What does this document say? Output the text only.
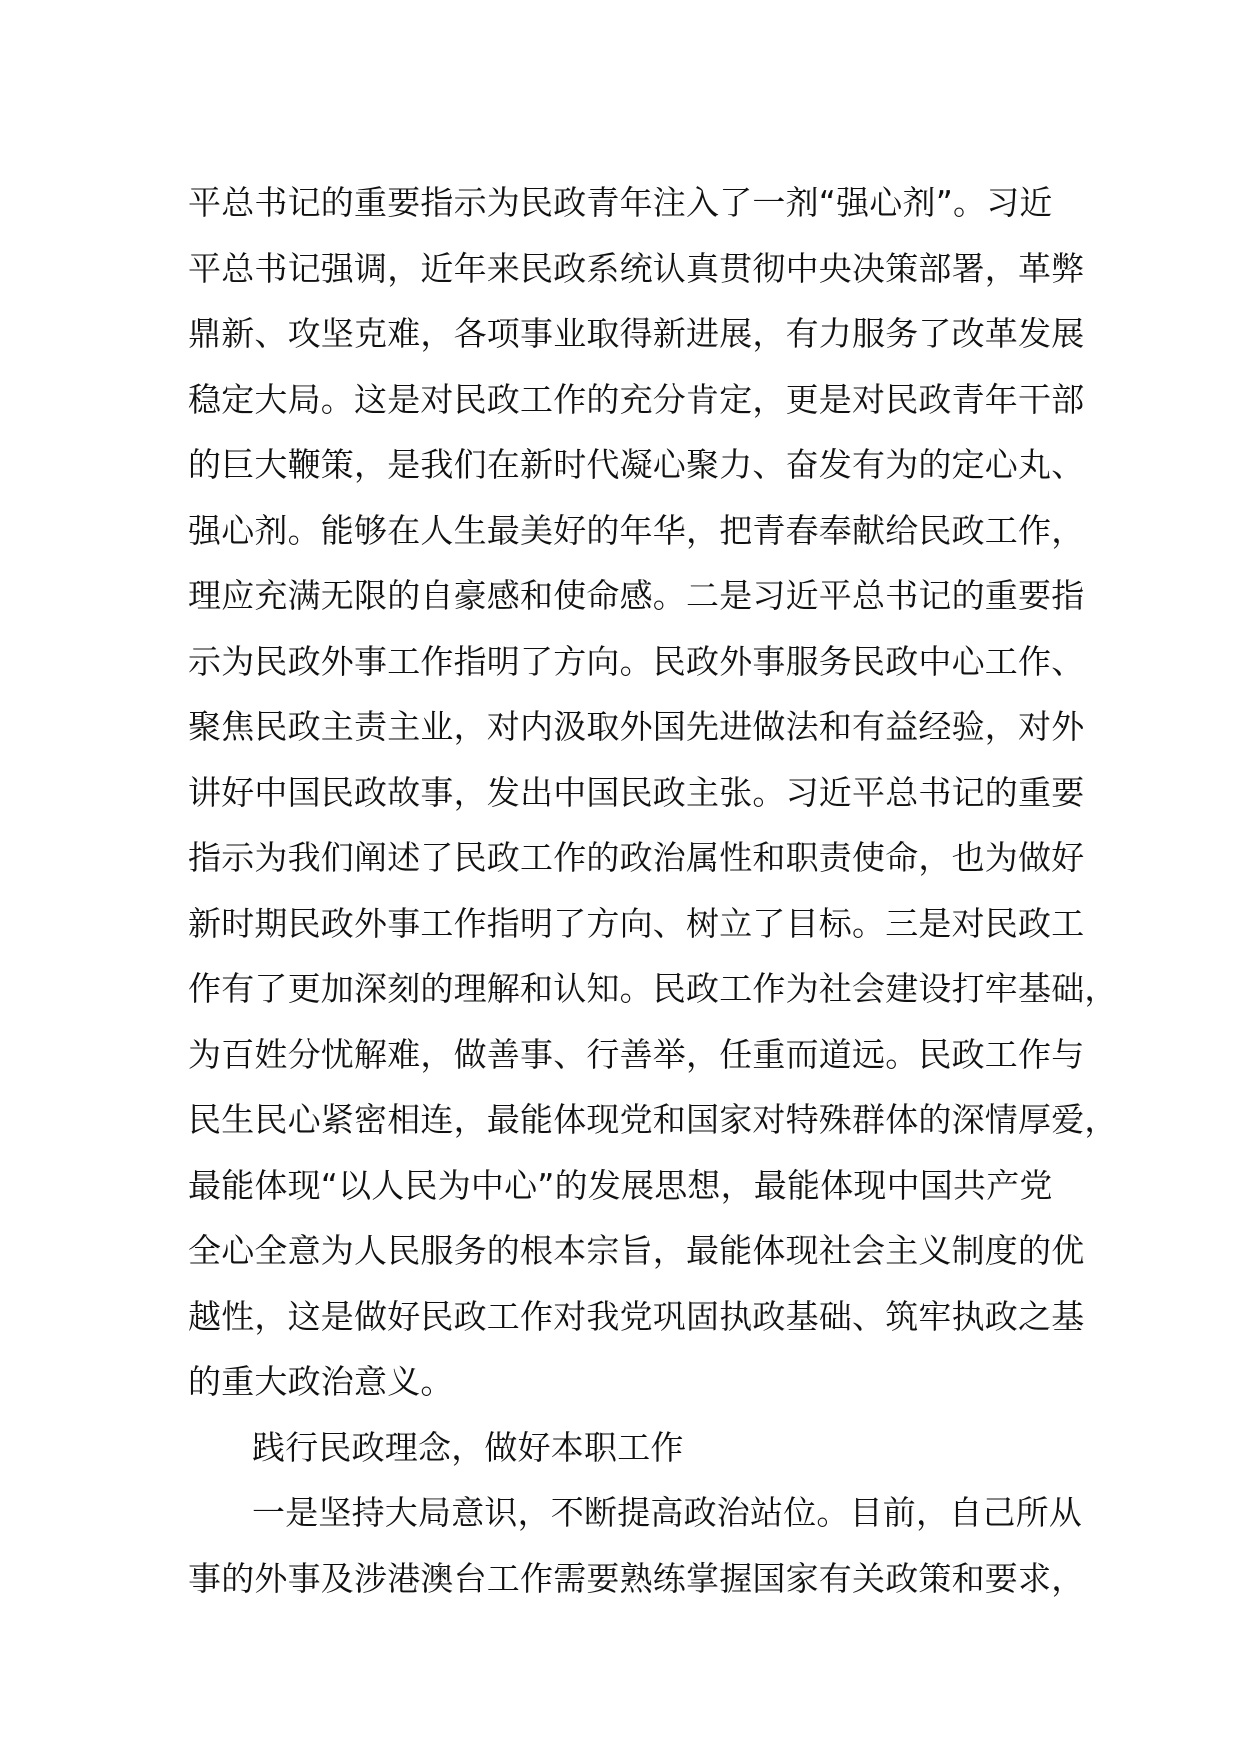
平总书记的重要指示为民政青年注入了一剂“强心剂”。习近
平总书记强调，近年来民政系统认真贯彻中央决策部署，革弊
鼎新、攻坚克难，各项事业取得新进展，有力服务了改革发展
稳定大局。这是对民政工作的充分肯定，更是对民政青年干部
的巨大鞭策，是我们在新时代凝心聚力、奋发有为的定心丸、
强心剂。能够在人生最美好的年华，把青春奉献给民政工作，
理应充满无限的自豪感和使命感。二是习近平总书记的重要指
示为民政外事工作指明了方向。民政外事服务民政中心工作、
聚焦民政主责主业，对内汲取外国先进做法和有益经验，对外
讲好中国民政故事，发出中国民政主张。习近平总书记的重要
指示为我们阐述了民政工作的政治属性和职责使命，也为做好
新时期民政外事工作指明了方向、树立了目标。三是对民政工
作有了更加深刻的理解和认知。民政工作为社会建设打牢基础，
为百姓分忧解难，做善事、行善举，任重而道远。民政工作与
民生民心紧密相连，最能体现党和国家对特殊群体的深情厚爱，
最能体现“以人民为中心”的发展思想，最能体现中国共产党
全心全意为人民服务的根本宗旨，最能体现社会主义制度的优
越性，这是做好民政工作对我党巩固执政基础、筑牢执政之基
的重大政治意义。
践行民政理念，做好本职工作
一是坚持大局意识，不断提高政治站位。目前，自己所从
事的外事及涉港澳台工作需要熟练掌握国家有关政策和要求，
